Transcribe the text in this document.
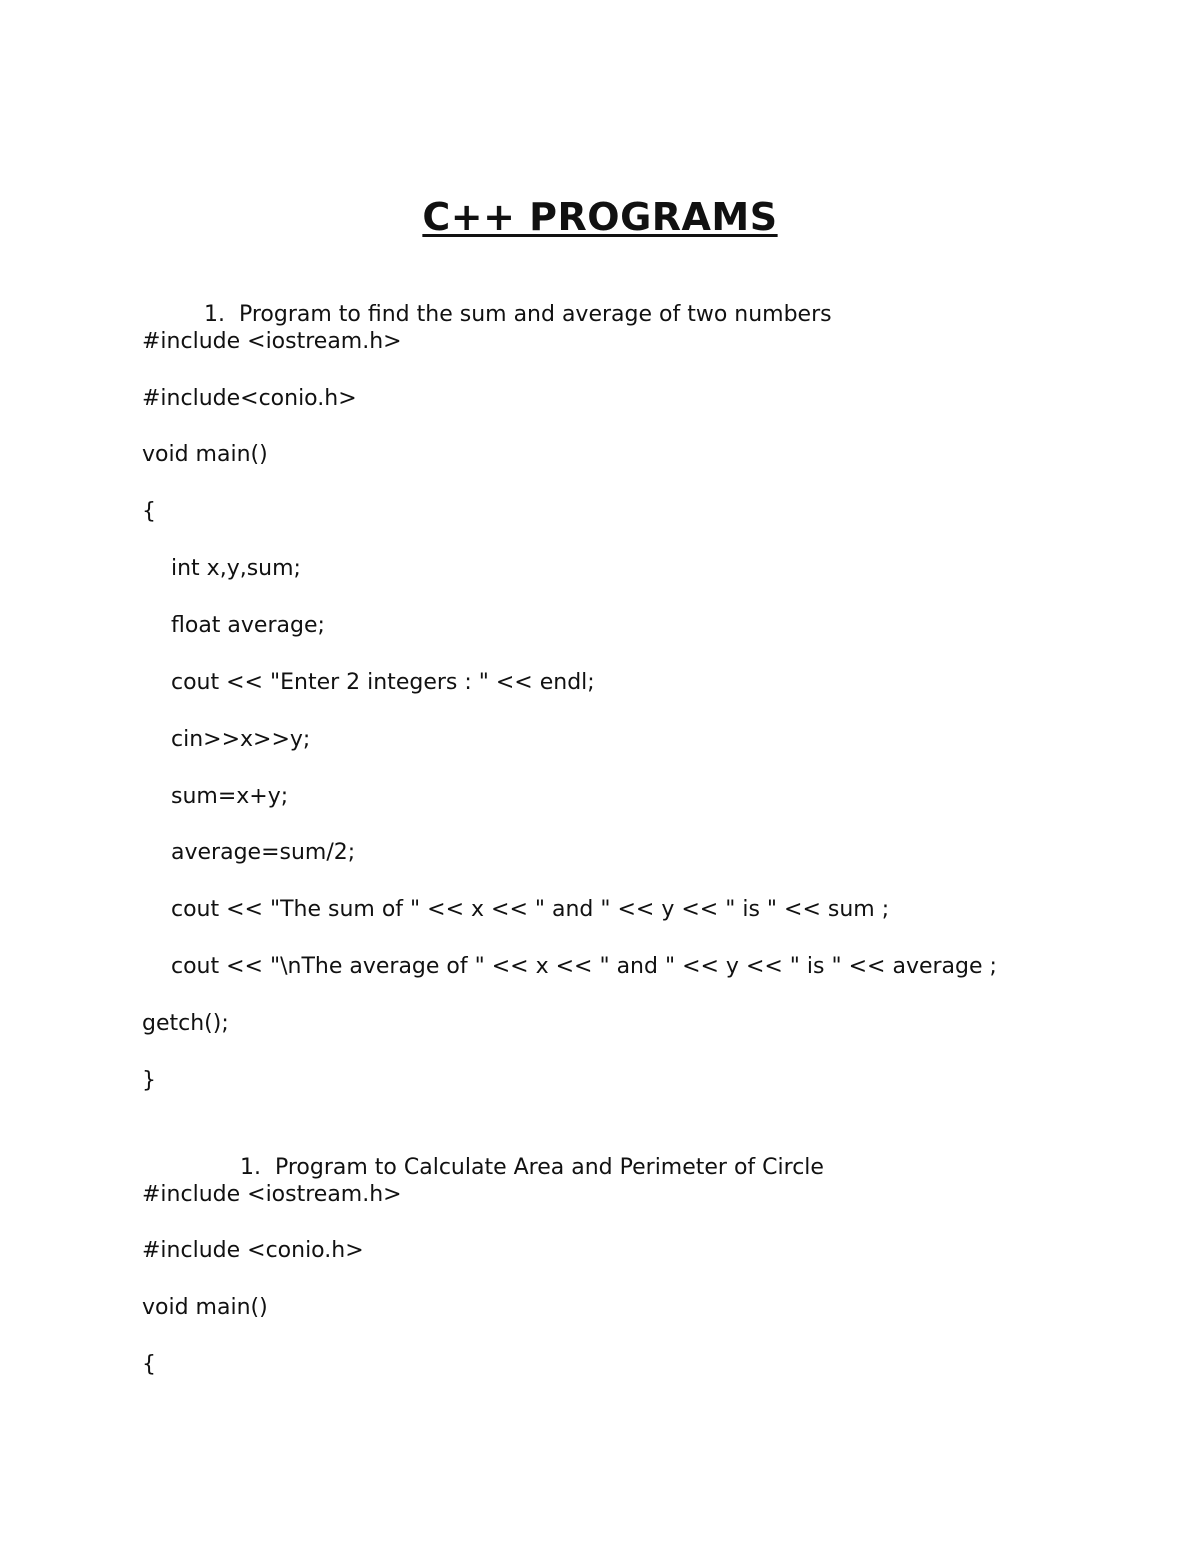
C++ PROGRAMS

1. Program to find the sum and average of two numbers

#include <iostream.h>
#include<conio.h>
void main()
{
int x,y,sum;
float average;
cout << "Enter 2 integers : " << endl;
cin>>x>>y;
sum=x+y;
average=sum/2;
cout << "The sum of " << x << " and " << y << " is " << sum ;
cout << "\nThe average of " << x << " and " << y << " is " << average ;
getch();
}

1. Program to Calculate Area and Perimeter of Circle

#include <iostream.h>
#include <conio.h>
void main()
{
